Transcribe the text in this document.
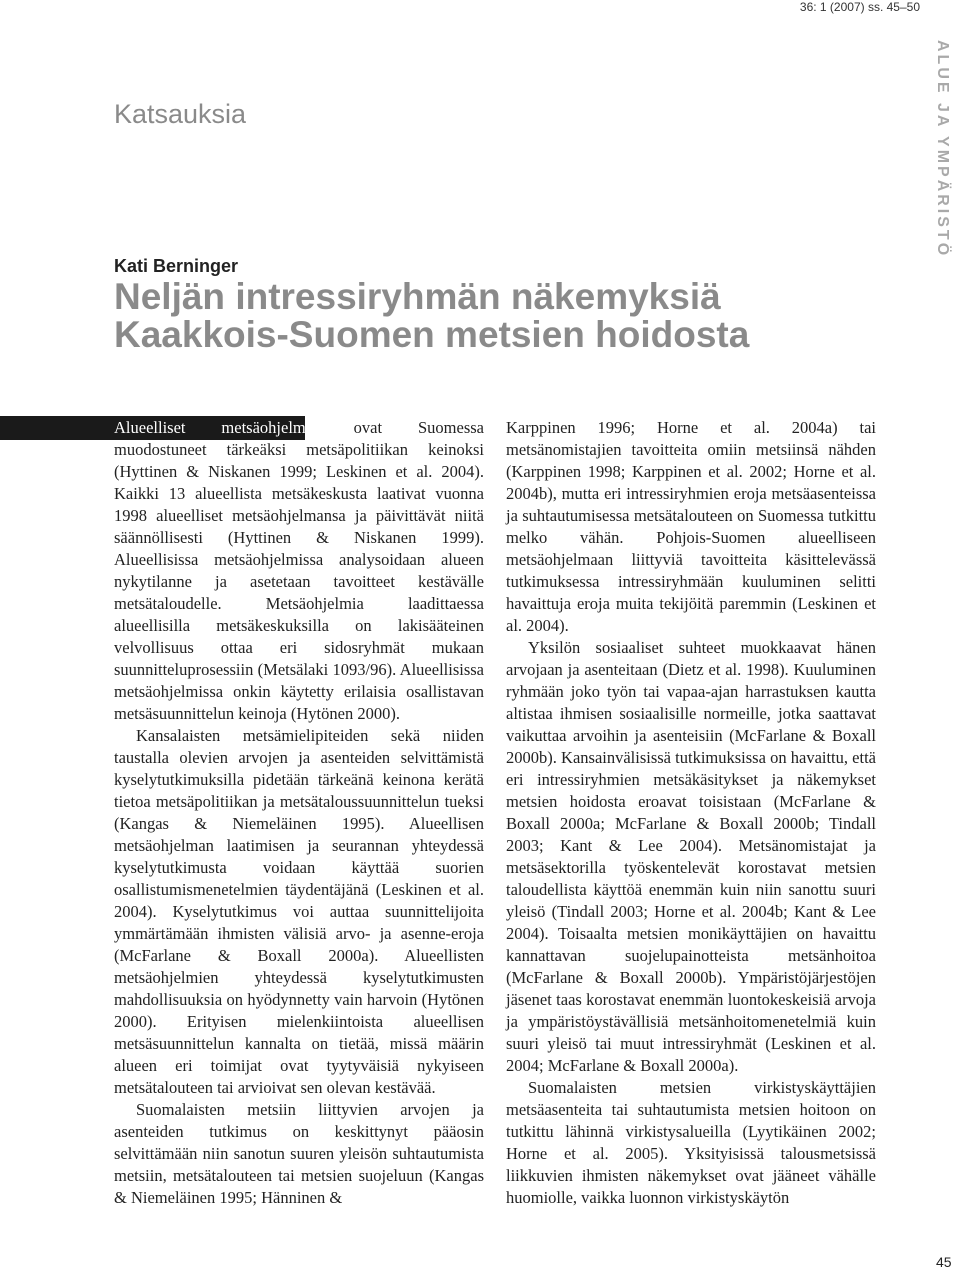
36: 1 (2007) ss. 45–50
ALUE JA YMPÄRISTÖ
Katsauksia
Kati Berninger
Neljän intressiryhmän näkemyksiä
Kaakkois-Suomen metsien hoidosta

Alueelliset metsäohjelmat ovat Suomessa muodostuneet tärkeäksi metsäpolitiikan keinoksi (Hyttinen & Niskanen 1999; Leskinen et al. 2004). Kaikki 13 alueellista metsäkeskusta laativat vuonna 1998 alueelliset metsäohjelmansa ja päivittävät niitä säännöllisesti (Hyttinen & Niskanen 1999). Alueellisissa metsäohjelmissa analysoidaan alueen nykytilanne ja asetetaan tavoitteet kestävälle metsätaloudelle. Metsäohjelmia laadittaessa alueellisilla metsäkeskuksilla on lakisääteinen velvollisuus ottaa eri sidosryhmät mukaan suunnitteluprosessiin (Metsälaki 1093/96). Alueellisissa metsäohjelmissa onkin käytetty erilaisia osallistavan metsäsuunnittelun keinoja (Hytönen 2000).

Kansalaisten metsämielipiteiden sekä niiden taustalla olevien arvojen ja asenteiden selvittämistä kyselytutkimuksilla pidetään tärkeänä keinona kerätä tietoa metsäpolitiikan ja metsätaloussuunnittelun tueksi (Kangas & Niemeläinen 1995). Alueellisen metsäohjelman laatimisen ja seurannan yhteydessä kyselytutkimusta voidaan käyttää suorien osallistumismenetelmien täydentäjänä (Leskinen et al. 2004). Kyselytutkimus voi auttaa suunnittelijoita ymmärtämään ihmisten välisiä arvo- ja asenne-eroja (McFarlane & Boxall 2000a). Alueellisten metsäohjelmien yhteydessä kyselytutkimusten mahdollisuuksia on hyödynnetty vain harvoin (Hytönen 2000). Erityisen mielenkiintoista alueellisen metsäsuunnittelun kannalta on tietää, missä määrin alueen eri toimijat ovat tyytyväisiä nykyiseen metsätalouteen tai arvioivat sen olevan kestävää.

Suomalaisten metsiin liittyvien arvojen ja asenteiden tutkimus on keskittynyt pääosin selvittämään niin sanotun suuren yleisön suhtautumista metsiin, metsätalouteen tai metsien suojeluun (Kangas & Niemeläinen 1995; Hänninen &

Karppinen 1996; Horne et al. 2004a) tai metsänomistajien tavoitteita omiin metsiinsä nähden (Karppinen 1998; Karppinen et al. 2002; Horne et al. 2004b), mutta eri intressiryhmien eroja metsäasenteissa ja suhtautumisessa metsätalouteen on Suomessa tutkittu melko vähän. Pohjois-Suomen alueelliseen metsäohjelmaan liittyviä tavoitteita käsittelevässä tutkimuksessa intressiryhmään kuuluminen selitti havaittuja eroja muita tekijöitä paremmin (Leskinen et al. 2004).

Yksilön sosiaaliset suhteet muokkaavat hänen arvojaan ja asenteitaan (Dietz et al. 1998). Kuuluminen ryhmään joko työn tai vapaa-ajan harrastuksen kautta altistaa ihmisen sosiaalisille normeille, jotka saattavat vaikuttaa arvoihin ja asenteisiin (McFarlane & Boxall 2000b). Kansainvälisissä tutkimuksissa on havaittu, että eri intressiryhmien metsäkäsitykset ja näkemykset metsien hoidosta eroavat toisistaan (McFarlane & Boxall 2000a; McFarlane & Boxall 2000b; Tindall 2003; Kant & Lee 2004). Metsänomistajat ja metsäsektorilla työskentelevät korostavat metsien taloudellista käyttöä enemmän kuin niin sanottu suuri yleisö (Tindall 2003; Horne et al. 2004b; Kant & Lee 2004). Toisaalta metsien monikäyttäjien on havaittu kannattavan suojelupainotteista metsänhoitoa (McFarlane & Boxall 2000b). Ympäristöjärjestöjen jäsenet taas korostavat enemmän luontokeskeisiä arvoja ja ympäristöystävällisiä metsänhoitomenetelmiä kuin suuri yleisö tai muut intressiryhmät (Leskinen et al. 2004; McFarlane & Boxall 2000a).

Suomalaisten metsien virkistyskäyttäjien metsäasenteita tai suhtautumista metsien hoitoon on tutkittu lähinnä virkistysalueilla (Lyytikäinen 2002; Horne et al. 2005). Yksityisissä talousmetsissä liikkuvien ihmisten näkemykset ovat jääneet vähälle huomiolle, vaikka luonnon virkistyskäytön

45
